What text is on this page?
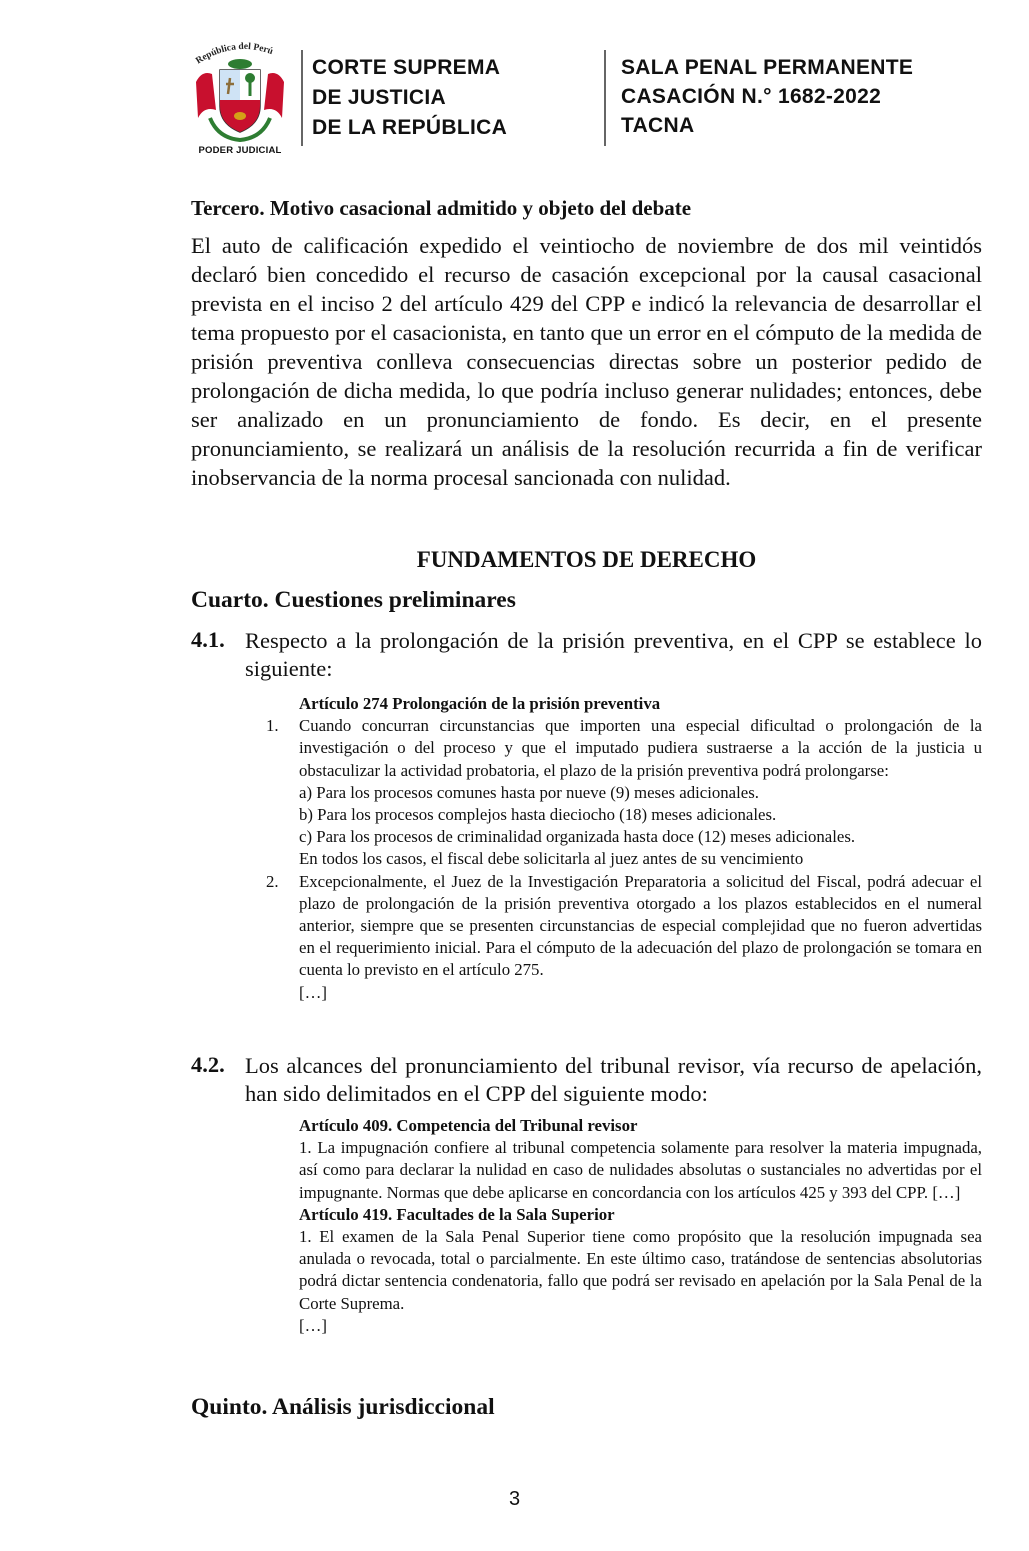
República del Perú
PODER JUDICIAL
CORTE SUPREMA
DE JUSTICIA
DE LA REPÚBLICA
SALA PENAL PERMANENTE
CASACIÓN N.° 1682-2022
TACNA
Tercero. Motivo casacional admitido y objeto del debate

El auto de calificación expedido el veintiocho de noviembre de dos mil veintidós declaró bien concedido el recurso de casación excepcional por la causal casacional prevista en el inciso 2 del artículo 429 del CPP e indicó la relevancia de desarrollar el tema propuesto por el casacionista, en tanto que un error en el cómputo de la medida de prisión preventiva conlleva consecuencias directas sobre un posterior pedido de prolongación de dicha medida, lo que podría incluso generar nulidades; entonces, debe ser analizado en un pronunciamiento de fondo. Es decir, en el presente pronunciamiento, se realizará un análisis de la resolución recurrida a fin de verificar inobservancia de la norma procesal sancionada con nulidad.

FUNDAMENTOS DE DERECHO
Cuarto. Cuestiones preliminares
4.1. Respecto a la prolongación de la prisión preventiva, en el CPP se establece lo siguiente:
Artículo 274 Prolongación de la prisión preventiva
1. Cuando concurran circunstancias que importen una especial dificultad o prolongación de la investigación o del proceso y que el imputado pudiera sustraerse a la acción de la justicia u obstaculizar la actividad probatoria, el plazo de la prisión preventiva podrá prolongarse:

a) Para los procesos comunes hasta por nueve (9) meses adicionales.
b) Para los procesos complejos hasta dieciocho (18) meses adicionales.
c) Para los procesos de criminalidad organizada hasta doce (12) meses adicionales.
En todos los casos, el fiscal debe solicitarla al juez antes de su vencimiento
2. Excepcionalmente, el Juez de la Investigación Preparatoria a solicitud del Fiscal, podrá adecuar el plazo de prolongación de la prisión preventiva otorgado a los plazos establecidos en el numeral anterior, siempre que se presenten circunstancias de especial complejidad que no fueron advertidas en el requerimiento inicial. Para el cómputo de la adecuación del plazo de prolongación se tomara en cuenta lo previsto en el artículo 275.

[…]
4.2. Los alcances del pronunciamiento del tribunal revisor, vía recurso de apelación, han sido delimitados en el CPP del siguiente modo:
Artículo 409. Competencia del Tribunal revisor

1. La impugnación confiere al tribunal competencia solamente para resolver la materia impugnada, así como para declarar la nulidad en caso de nulidades absolutas o sustanciales no advertidas por el impugnante. Normas que debe aplicarse en concordancia con los artículos 425 y 393 del CPP. […]

Artículo 419. Facultades de la Sala Superior

1. El examen de la Sala Penal Superior tiene como propósito que la resolución impugnada sea anulada o revocada, total o parcialmente. En este último caso, tratándose de sentencias absolutorias podrá dictar sentencia condenatoria, fallo que podrá ser revisado en apelación por la Sala Penal de la Corte Suprema.

[…]
Quinto. Análisis jurisdiccional
3
